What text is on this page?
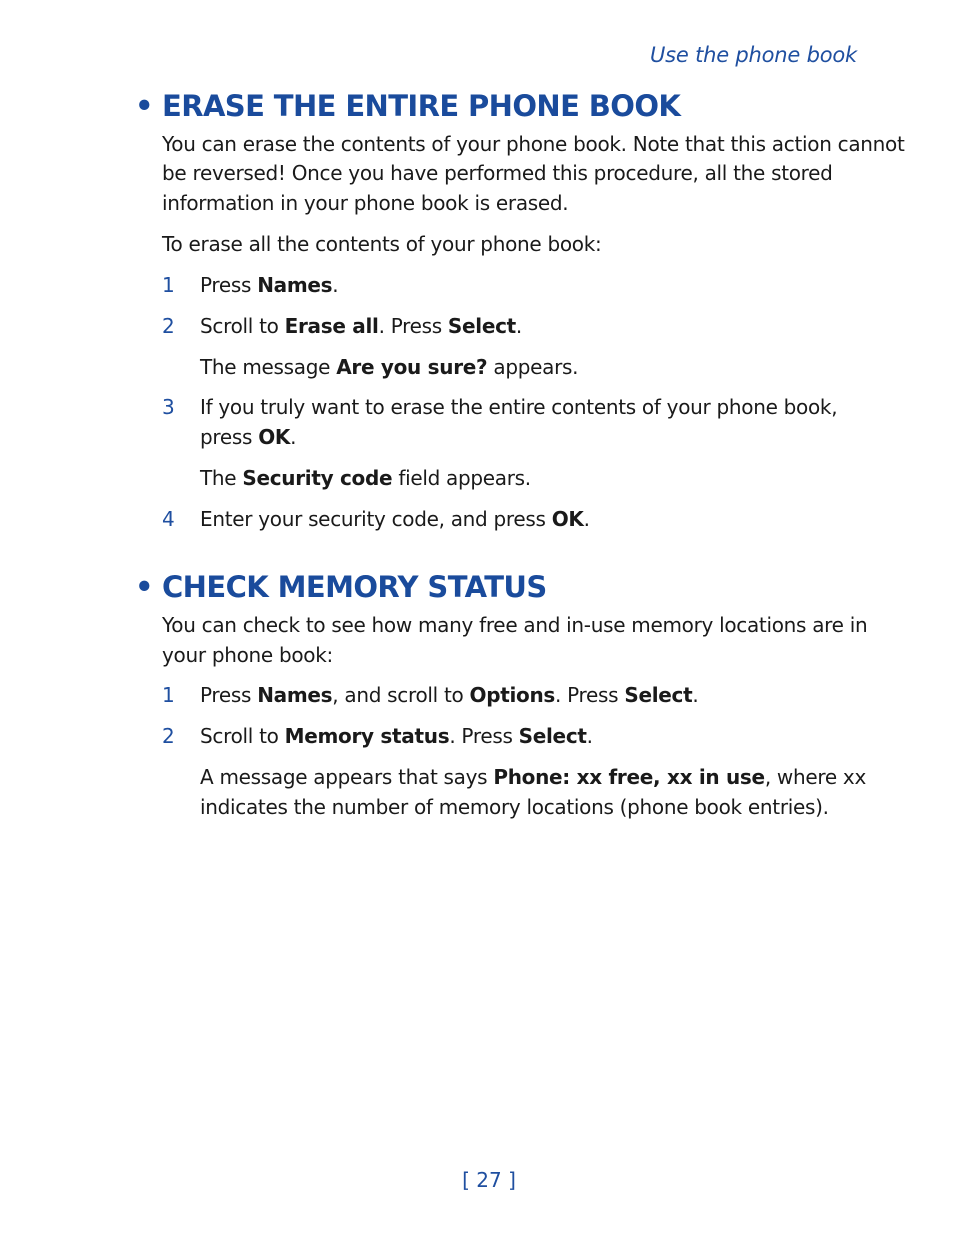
Use the phone book
• ERASE THE ENTIRE PHONE BOOK

You can erase the contents of your phone book. Note that this action cannot

be reversed! Once you have performed this procedure, all the stored

information in your phone book is erased.

To erase all the contents of your phone book:

1 Press Names.

2 Scroll to Erase all. Press Select.

The message Are you sure? appears.

3 If you truly want to erase the entire contents of your phone book,

press OK.

The Security code field appears.

4 Enter your security code, and press OK.

• CHECK MEMORY STATUS

You can check to see how many free and in-use memory locations are in

your phone book:

1 Press Names, and scroll to Options. Press Select.

2 Scroll to Memory status. Press Select.

A message appears that says Phone: xx free, xx in use, where xx

indicates the number of memory locations (phone book entries).

[ 27 ]
